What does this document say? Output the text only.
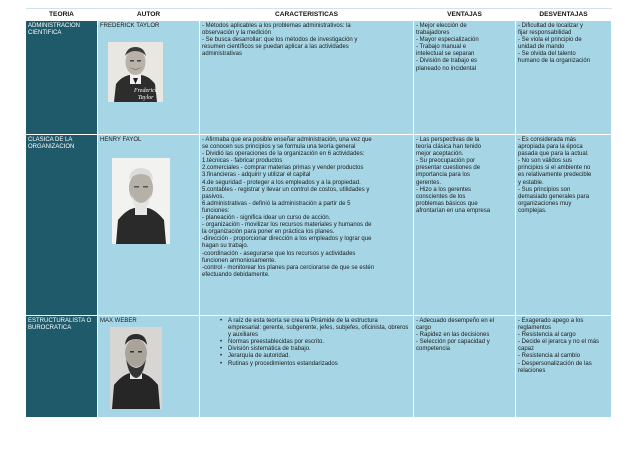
TEORIA	AUTOR	CARACTERISTICAS	VENTAJAS	DESVENTAJAS

ADMINISTRACION

CIENTIFICA

FREDERICK TAYLOR
Frederick
Taylor

- Métodos aplicables a los problemas administrativos: la

observación y la medición

- Se busca desarrollar: que los métodos de investigación y

resumen científicos se puedan aplicar a las actividades

administrativas

- Mejor elección de

trabajadores

- Mayor especialización

- Trabajo manual e

intelectual se separan

- División de trabajo es

planeado no incidental

- Dificultad de localizar y

fijar responsabilidad

- Se viola el principio de

unidad de mando

- Se olvida del talento

humano de la organización

CLASICA DE LA

ORGANIZACION

HENRY FAYOL	- Afirmaba que era posible enseñar administración, una vez que

se conocen sus principios y se formula una teoría general

- Dividió las operaciones de la organización en 6 actividades:

1.técnicas - fabricar productos

2.comerciales - comprar materias primas y vender productos

3.financieras - adquirir y utilizar el capital

4.de seguridad - proteger a los empleados y a la propiedad.

5.contables - registrar y llevar un control de costos, utilidades y

pasivos.

6.administrativas - definió la administración a partir de 5

funciones:

- planeación - significa idear un curso de acción.

- organización - movilizar los recursos materiales y humanos de

la organización para poner en práctica los planes.

-dirección - proporcionar dirección a los empleados y lograr que

hagan su trabajo.

-coordinación - asegurarse que los recursos y actividades

funcionen armoniosamente.

-control - monitorear los planes para cerciorarse de que se estén

efectuando debidamente.

- Las perspectivas de la

teoría clásica han tenido

mejor aceptación.

- Su preocupación por

presentar cuestiones de

importancia para los

gerentes.

- Hizo a los gerentes

conscientes de los

problemas básicos que

afrontarían en una empresa

- Es considerada más

apropiada para la época

pasada que para la actual.

- No son válidos sus

principios si el ambiente no

es relativamente predecible

y estable.

- Sus principios son

demasiado generales para

organizaciones muy

complejas.

ESTRUCTURALISTA O

BUROCRATICA

MAX WEBER
•	A raíz de esta teoría se crea la Pirámide de la estructura empresarial: gerente, subgerente, jefes, subjefes, oficinista, obreros y auxiliares
• Normas preestablecidas por escrito.
• División sistemática de trabajo.
• Jerarquía de autoridad.
• Rutinas y procedimientos estandarizados

- Adecuado desempeño en el

cargo

- Rapidez en las decisiones

- Selección por capacidad y

competencia

- Exagerado apego a los

reglamentos

- Resistencia al cargo

- Decide el jerarca y no el más

capaz

- Resistencia al cambio

- Despersonalización de las

relaciones
